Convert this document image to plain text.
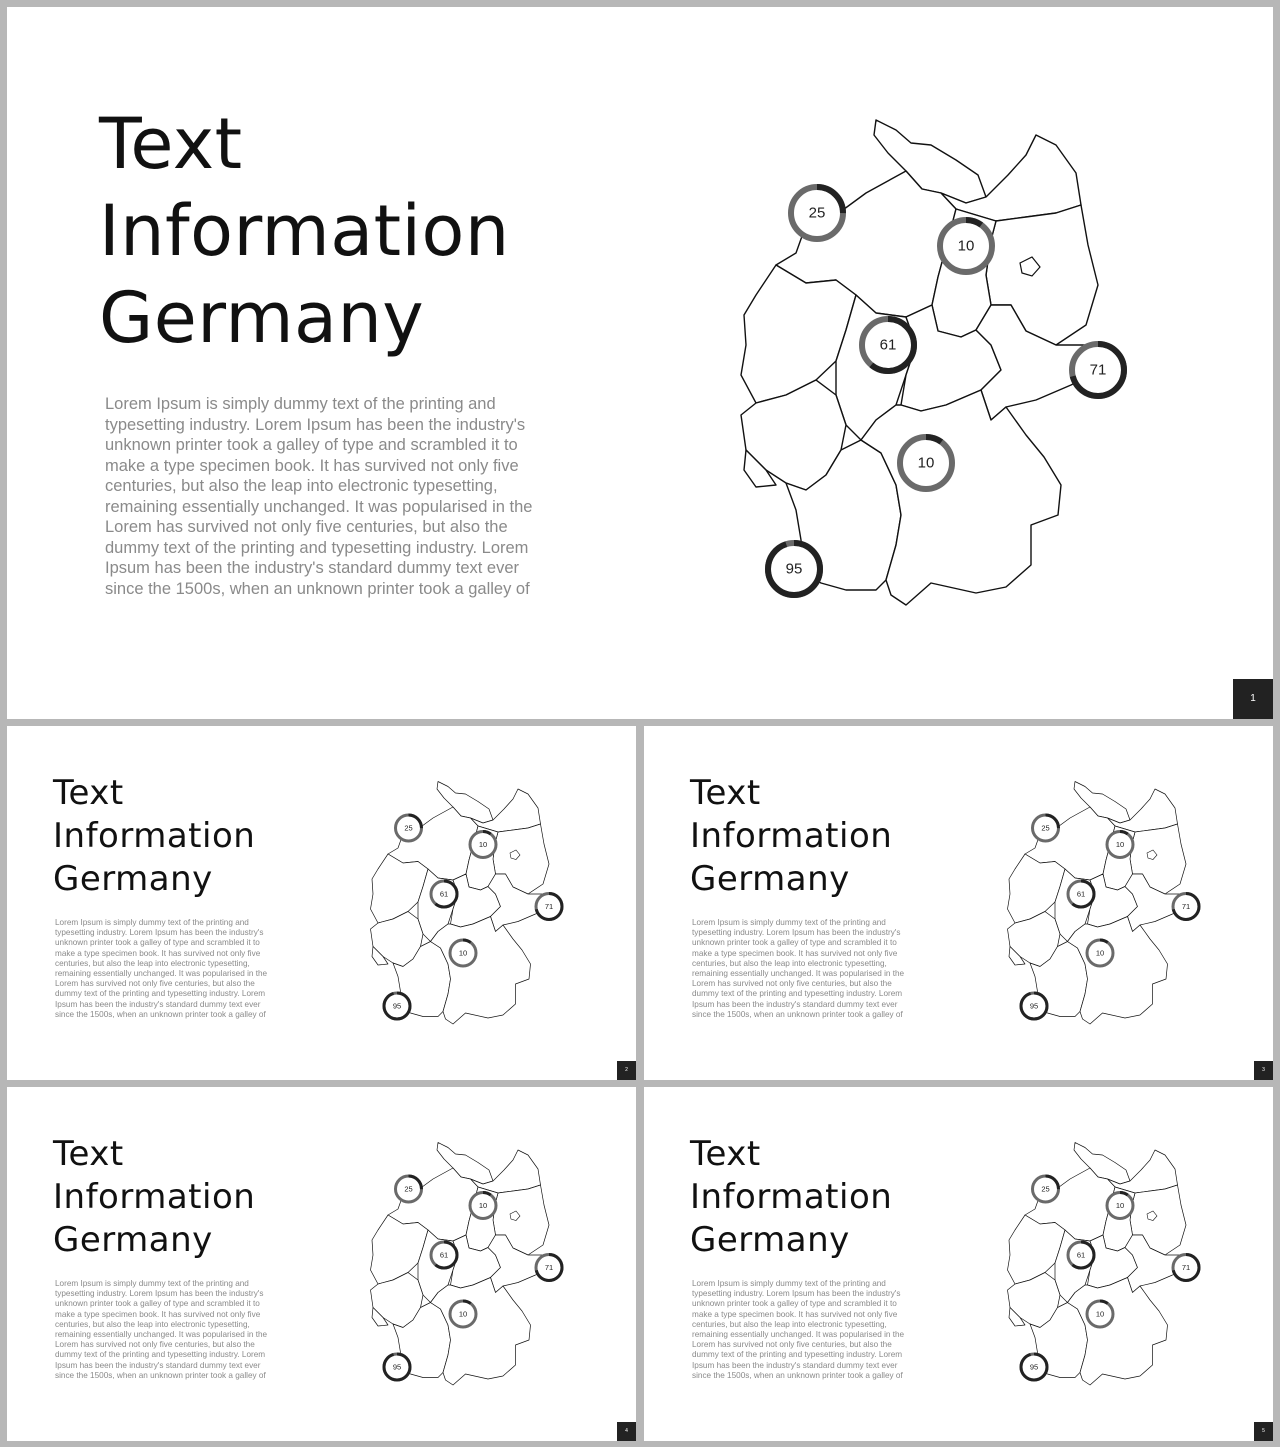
Text
Information
Germany

Lorem Ipsum is simply dummy text of the printing and typesetting industry. Lorem Ipsum has been the industry's unknown printer took a galley of type and scrambled it to make a type specimen book. It has survived not only five centuries, but also the leap into electronic typesetting, remaining essentially unchanged. It was popularised in the Lorem has survived not only five centuries, but also the dummy text of the printing and typesetting industry. Lorem Ipsum has been the industry's standard dummy text ever since the 1500s, when an unknown printer took a galley of

25
10
61
71
10
95
1
Text
Information
Germany

Lorem Ipsum is simply dummy text of the printing and typesetting industry. Lorem Ipsum has been the industry's unknown printer took a galley of type and scrambled it to make a type specimen book. It has survived not only five centuries, but also the leap into electronic typesetting, remaining essentially unchanged. It was popularised in the Lorem has survived not only five centuries, but also the dummy text of the printing and typesetting industry. Lorem Ipsum has been the industry's standard dummy text ever since the 1500s, when an unknown printer took a galley of

25
10
61
71
10
95
2
Text
Information
Germany

Lorem Ipsum is simply dummy text of the printing and typesetting industry. Lorem Ipsum has been the industry's unknown printer took a galley of type and scrambled it to make a type specimen book. It has survived not only five centuries, but also the leap into electronic typesetting, remaining essentially unchanged. It was popularised in the Lorem has survived not only five centuries, but also the dummy text of the printing and typesetting industry. Lorem Ipsum has been the industry's standard dummy text ever since the 1500s, when an unknown printer took a galley of

25
10
61
71
10
95
3
Text
Information
Germany

Lorem Ipsum is simply dummy text of the printing and typesetting industry. Lorem Ipsum has been the industry's unknown printer took a galley of type and scrambled it to make a type specimen book. It has survived not only five centuries, but also the leap into electronic typesetting, remaining essentially unchanged. It was popularised in the Lorem has survived not only five centuries, but also the dummy text of the printing and typesetting industry. Lorem Ipsum has been the industry's standard dummy text ever since the 1500s, when an unknown printer took a galley of

25
10
61
71
10
95
4
Text
Information
Germany

Lorem Ipsum is simply dummy text of the printing and typesetting industry. Lorem Ipsum has been the industry's unknown printer took a galley of type and scrambled it to make a type specimen book. It has survived not only five centuries, but also the leap into electronic typesetting, remaining essentially unchanged. It was popularised in the Lorem has survived not only five centuries, but also the dummy text of the printing and typesetting industry. Lorem Ipsum has been the industry's standard dummy text ever since the 1500s, when an unknown printer took a galley of

25
10
61
71
10
95
5
